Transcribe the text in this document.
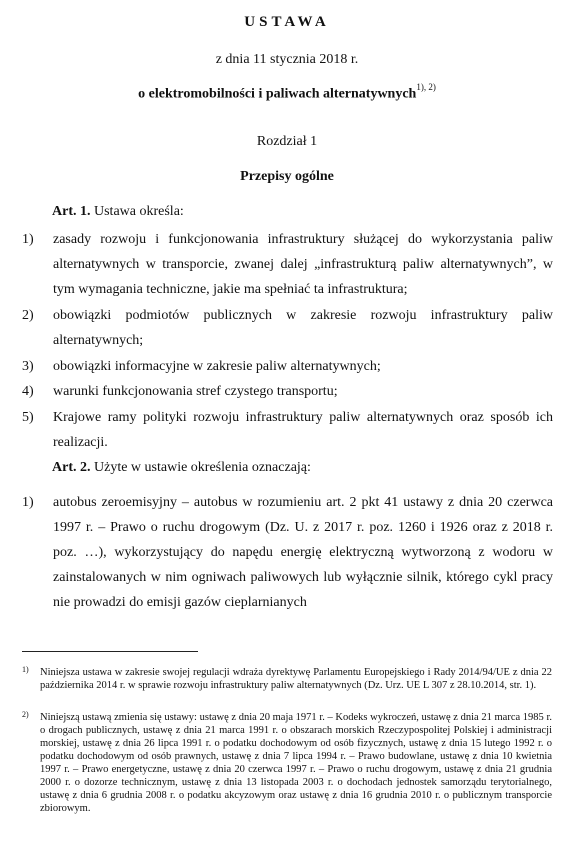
USTAWA
z dnia 11 stycznia 2018 r.
o elektromobilności i paliwach alternatywnych$^{1), 2)}$
Rozdział 1
Przepisy ogólne
Art. 1. Ustawa określa:
1) zasady rozwoju i funkcjonowania infrastruktury służącej do wykorzystania paliw alternatywnych w transporcie, zwanej dalej „infrastrukturą paliw alternatywnych”, w tym wymagania techniczne, jakie ma spełniać ta infrastruktura;
2) obowiązki podmiotów publicznych w zakresie rozwoju infrastruktury paliw alternatywnych;
3) obowiązki informacyjne w zakresie paliw alternatywnych;
4) warunki funkcjonowania stref czystego transportu;
5) Krajowe ramy polityki rozwoju infrastruktury paliw alternatywnych oraz sposób ich realizacji.
Art. 2. Użyte w ustawie określenia oznaczają:
1) autobus zeroemisyjny – autobus w rozumieniu art. 2 pkt 41 ustawy z dnia 20 czerwca 1997 r. – Prawo o ruchu drogowym (Dz. U. z 2017 r. poz. 1260 i 1926 oraz z 2018 r. poz. …), wykorzystujący do napędu energię elektryczną wytworzoną z wodoru w zainstalowanych w nim ogniwach paliwowych lub wyłącznie silnik, którego cykl pracy nie prowadzi do emisji gazów cieplarnianych
1) Niniejsza ustawa w zakresie swojej regulacji wdraża dyrektywę Parlamentu Europejskiego i Rady 2014/94/UE z dnia 22 października 2014 r. w sprawie rozwoju infrastruktury paliw alternatywnych (Dz. Urz. UE L 307 z 28.10.2014, str. 1).
2) Niniejszą ustawą zmienia się ustawy: ustawę z dnia 20 maja 1971 r. – Kodeks wykroczeń, ustawę z dnia 21 marca 1985 r. o drogach publicznych, ustawę z dnia 21 marca 1991 r. o obszarach morskich Rzeczypospolitej Polskiej i administracji morskiej, ustawę z dnia 26 lipca 1991 r. o podatku dochodowym od osób fizycznych, ustawę z dnia 15 lutego 1992 r. o podatku dochodowym od osób prawnych, ustawę z dnia 7 lipca 1994 r. – Prawo budowlane, ustawę z dnia 10 kwietnia 1997 r. – Prawo energetyczne, ustawę z dnia 20 czerwca 1997 r. – Prawo o ruchu drogowym, ustawę z dnia 21 grudnia 2000 r. o dozorze technicznym, ustawę z dnia 13 listopada 2003 r. o dochodach jednostek samorządu terytorialnego, ustawę z dnia 6 grudnia 2008 r. o podatku akcyzowym oraz ustawę z dnia 16 grudnia 2010 r. o publicznym transporcie zbiorowym.
